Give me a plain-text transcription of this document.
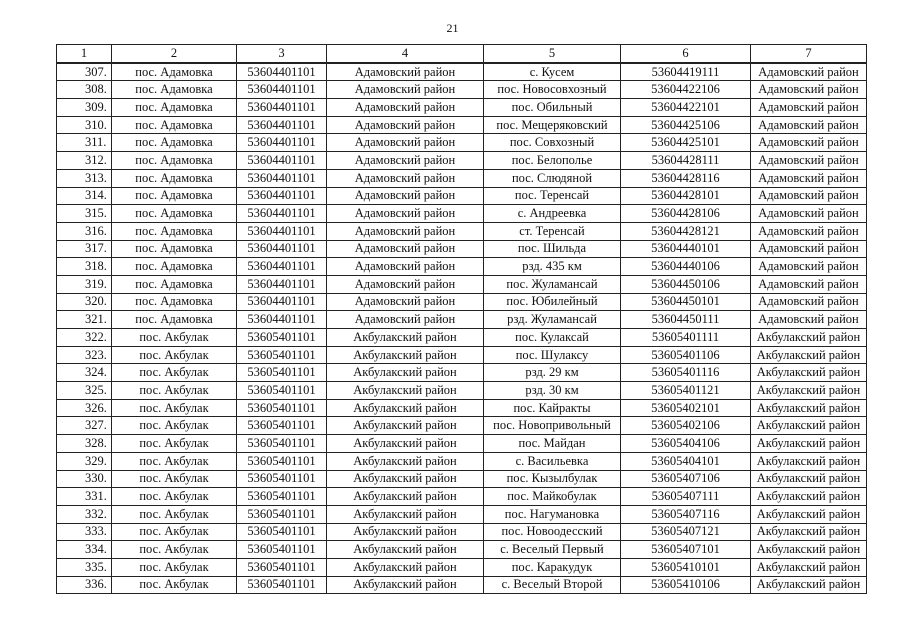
21
1	2	3	4	5	6	7
307.	пос. Адамовка	53604401101	Адамовский район	с. Кусем	53604419111	Адамовский район
308.	пос. Адамовка	53604401101	Адамовский район	пос. Новосовхозный	53604422106	Адамовский район
309.	пос. Адамовка	53604401101	Адамовский район	пос. Обильный	53604422101	Адамовский район
310.	пос. Адамовка	53604401101	Адамовский район	пос. Мещеряковский	53604425106	Адамовский район
311.	пос. Адамовка	53604401101	Адамовский район	пос. Совхозный	53604425101	Адамовский район
312.	пос. Адамовка	53604401101	Адамовский район	пос. Белополье	53604428111	Адамовский район
313.	пос. Адамовка	53604401101	Адамовский район	пос. Слюдяной	53604428116	Адамовский район
314.	пос. Адамовка	53604401101	Адамовский район	пос. Теренсай	53604428101	Адамовский район
315.	пос. Адамовка	53604401101	Адамовский район	с. Андреевка	53604428106	Адамовский район
316.	пос. Адамовка	53604401101	Адамовский район	ст. Теренсай	53604428121	Адамовский район
317.	пос. Адамовка	53604401101	Адамовский район	пос. Шильда	53604440101	Адамовский район
318.	пос. Адамовка	53604401101	Адамовский район	рзд. 435 км	53604440106	Адамовский район
319.	пос. Адамовка	53604401101	Адамовский район	пос. Жуламансай	53604450106	Адамовский район
320.	пос. Адамовка	53604401101	Адамовский район	пос. Юбилейный	53604450101	Адамовский район
321.	пос. Адамовка	53604401101	Адамовский район	рзд. Жуламансай	53604450111	Адамовский район
322.	пос. Акбулак	53605401101	Акбулакский район	пос. Кулаксай	53605401111	Акбулакский район
323.	пос. Акбулак	53605401101	Акбулакский район	пос. Шулаксу	53605401106	Акбулакский район
324.	пос. Акбулак	53605401101	Акбулакский район	рзд. 29 км	53605401116	Акбулакский район
325.	пос. Акбулак	53605401101	Акбулакский район	рзд. 30 км	53605401121	Акбулакский район
326.	пос. Акбулак	53605401101	Акбулакский район	пос. Кайракты	53605402101	Акбулакский район
327.	пос. Акбулак	53605401101	Акбулакский район	пос. Новопривольный	53605402106	Акбулакский район
328.	пос. Акбулак	53605401101	Акбулакский район	пос. Майдан	53605404106	Акбулакский район
329.	пос. Акбулак	53605401101	Акбулакский район	с. Васильевка	53605404101	Акбулакский район
330.	пос. Акбулак	53605401101	Акбулакский район	пос. Кызылбулак	53605407106	Акбулакский район
331.	пос. Акбулак	53605401101	Акбулакский район	пос. Майкобулак	53605407111	Акбулакский район
332.	пос. Акбулак	53605401101	Акбулакский район	пос. Нагумановка	53605407116	Акбулакский район
333.	пос. Акбулак	53605401101	Акбулакский район	пос. Новоодесский	53605407121	Акбулакский район
334.	пос. Акбулак	53605401101	Акбулакский район	с. Веселый Первый	53605407101	Акбулакский район
335.	пос. Акбулак	53605401101	Акбулакский район	пос. Каракудук	53605410101	Акбулакский район
336.	пос. Акбулак	53605401101	Акбулакский район	с. Веселый Второй	53605410106	Акбулакский район
